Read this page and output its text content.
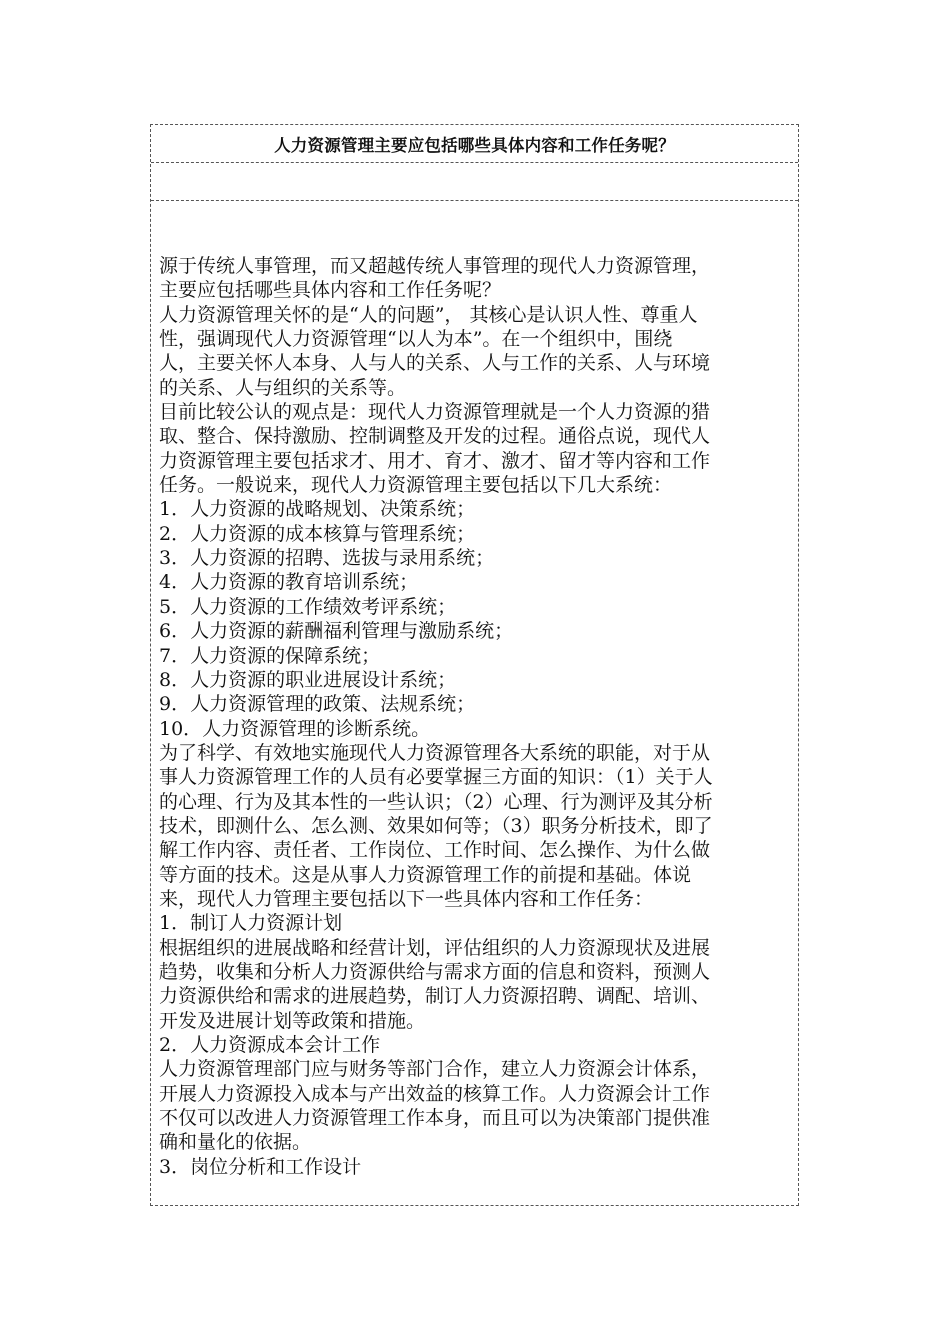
人力资源管理主要应包括哪些具体内容和工作任务呢？

源于传统人事管理，而又超越传统人事管理的现代人力资源管理，
主要应包括哪些具体内容和工作任务呢？

人力资源管理关怀的是“人的问题”， 其核心是认识人性、尊重人
性，强调现代人力资源管理“以人为本”。在一个组织中，围绕
人，主要关怀人本身、人与人的关系、人与工作的关系、人与环境
的关系、人与组织的关系等。

目前比较公认的观点是：现代人力资源管理就是一个人力资源的猎
取、整合、保持激励、控制调整及开发的过程。通俗点说，现代人
力资源管理主要包括求才、用才、育才、激才、留才等内容和工作
任务。一般说来，现代人力资源管理主要包括以下几大系统：

1．人力资源的战略规划、决策系统；

2．人力资源的成本核算与管理系统；

3．人力资源的招聘、选拔与录用系统；

4．人力资源的教育培训系统；

5．人力资源的工作绩效考评系统；

6．人力资源的薪酬福利管理与激励系统；

7．人力资源的保障系统；

8．人力资源的职业进展设计系统；

9．人力资源管理的政策、法规系统；

10．人力资源管理的诊断系统。

为了科学、有效地实施现代人力资源管理各大系统的职能，对于从
事人力资源管理工作的人员有必要掌握三方面的知识：（1）关于人
的心理、行为及其本性的一些认识；（2）心理、行为测评及其分析
技术，即测什么、怎么测、效果如何等；（3）职务分析技术，即了
解工作内容、责任者、工作岗位、工作时间、怎么操作、为什么做
等方面的技术。这是从事人力资源管理工作的前提和基础。体说
来，现代人力管理主要包括以下一些具体内容和工作任务：

1．制订人力资源计划

根据组织的进展战略和经营计划，评估组织的人力资源现状及进展
趋势，收集和分析人力资源供给与需求方面的信息和资料，预测人
力资源供给和需求的进展趋势，制订人力资源招聘、调配、培训、
开发及进展计划等政策和措施。

2．人力资源成本会计工作

人力资源管理部门应与财务等部门合作，建立人力资源会计体系，
开展人力资源投入成本与产出效益的核算工作。人力资源会计工作
不仅可以改进人力资源管理工作本身，而且可以为决策部门提供准
确和量化的依据。

3．岗位分析和工作设计
